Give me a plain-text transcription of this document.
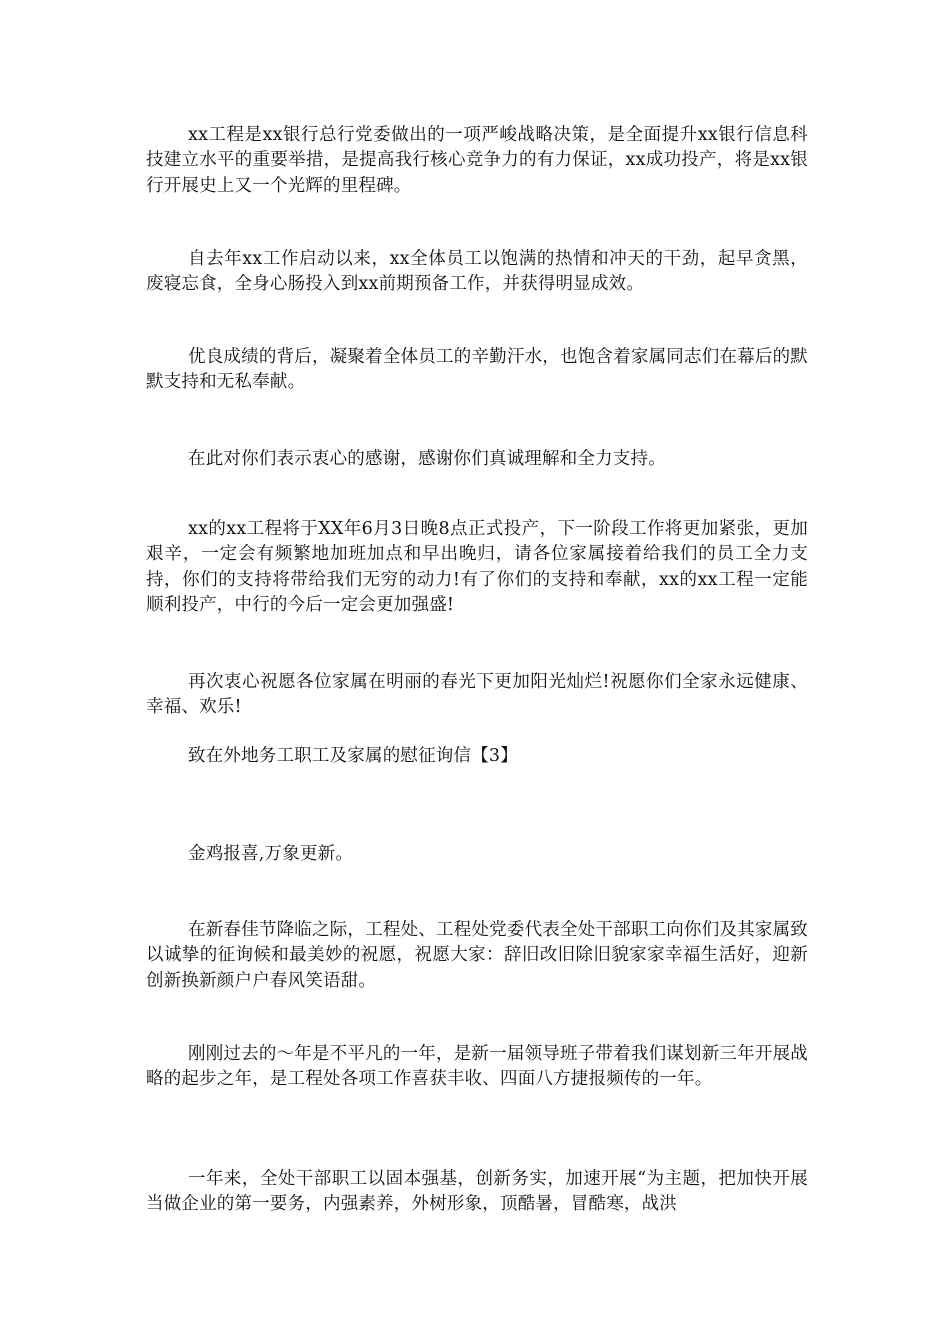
xx工程是xx银行总行党委做出的一项严峻战略决策，是全面提升xx银行信息科技建立水平的重要举措，是提高我行核心竞争力的有力保证，xx成功投产，将是xx银行开展史上又一个光辉的里程碑。

自去年xx工作启动以来，xx全体员工以饱满的热情和冲天的干劲，起早贪黑，废寝忘食，全身心肠投入到xx前期预备工作，并获得明显成效。

优良成绩的背后，凝聚着全体员工的辛勤汗水，也饱含着家属同志们在幕后的默默支持和无私奉献。

在此对你们表示衷心的感谢，感谢你们真诚理解和全力支持。

xx的xx工程将于XX年6月3日晚8点正式投产，下一阶段工作将更加紧张，更加艰辛，一定会有频繁地加班加点和早出晚归，请各位家属接着给我们的员工全力支持，你们的支持将带给我们无穷的动力!有了你们的支持和奉献，xx的xx工程一定能顺利投产，中行的今后一定会更加强盛!

再次衷心祝愿各位家属在明丽的春光下更加阳光灿烂!祝愿你们全家永远健康、幸福、欢乐!

致在外地务工职工及家属的慰征询信【3】

金鸡报喜,万象更新。

在新春佳节降临之际，工程处、工程处党委代表全处干部职工向你们及其家属致以诚挚的征询候和最美妙的祝愿，祝愿大家：辞旧改旧除旧貌家家幸福生活好，迎新创新换新颜户户春风笑语甜。

刚刚过去的～年是不平凡的一年，是新一届领导班子带着我们谋划新三年开展战略的起步之年，是工程处各项工作喜获丰收、四面八方捷报频传的一年。

一年来，全处干部职工以固本强基，创新务实，加速开展“为主题，把加快开展当做企业的第一要务，内强素养，外树形象，顶酷暑，冒酷寒，战洪
